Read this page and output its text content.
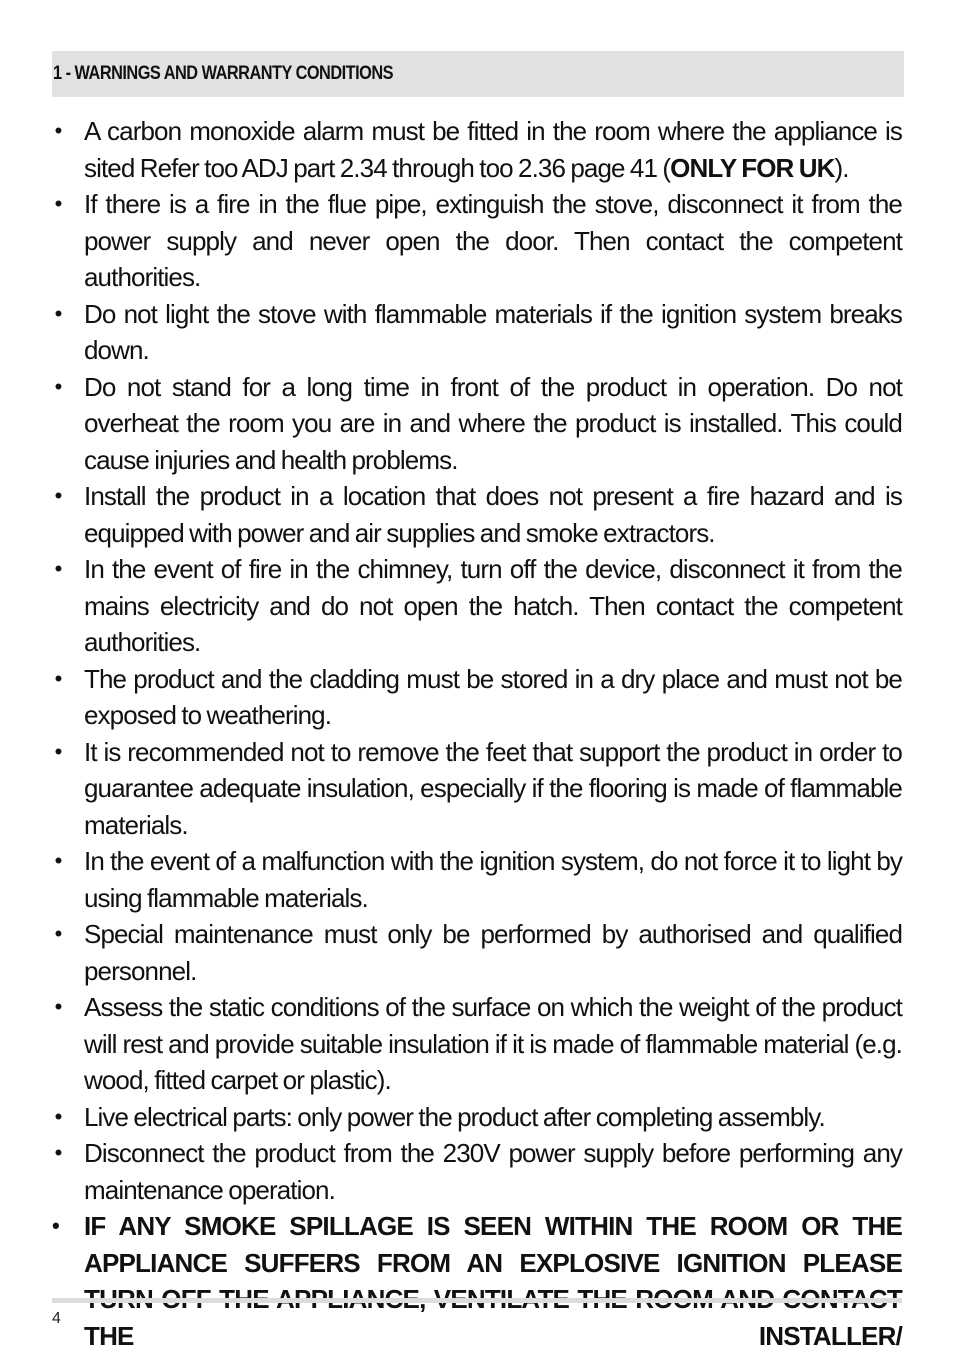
1 - WARNINGS AND WARRANTY CONDITIONS
• A carbon monoxide alarm must be fitted in the room where the appliance is sited Refer too ADJ part 2.34 through too 2.36 page 41 (ONLY FOR UK).
• If there is a fire in the flue pipe, extinguish the stove, disconnect it from the power supply and never open the door. Then contact the competent authorities.
• Do not light the stove with flammable materials if the ignition system breaks down.
• Do not stand for a long time in front of the product in operation. Do not overheat the room you are in and where the product is installed. This could cause injuries and health problems.
• Install the product in a location that does not present a fire hazard and is equipped with power and air supplies and smoke extractors.
• In the event of fire in the chimney, turn off the device, disconnect it from the mains electricity and do not open the hatch. Then contact the competent authorities.
• The product and the cladding must be stored in a dry place and must not be exposed to weathering.
• It is recommended not to remove the feet that support the product in order to guarantee adequate insulation, especially if the flooring is made of flammable materials.
• In the event of a malfunction with the ignition system, do not force it to light by using flammable materials.
• Special maintenance must only be performed by authorised and qualified personnel.
• Assess the static conditions of the surface on which the weight of the product will rest and provide suitable insulation if it is made of flammable material (e.g. wood, fitted carpet or plastic).
• Live electrical parts: only power the product after completing assembly.
• Disconnect the product from the 230V power supply before performing any maintenance operation.
• IF ANY SMOKE SPILLAGE IS SEEN WITHIN THE ROOM OR THE APPLIANCE SUFFERS FROM AN EXPLOSIVE IGNITION PLEASE THE INSTALLER/
4
